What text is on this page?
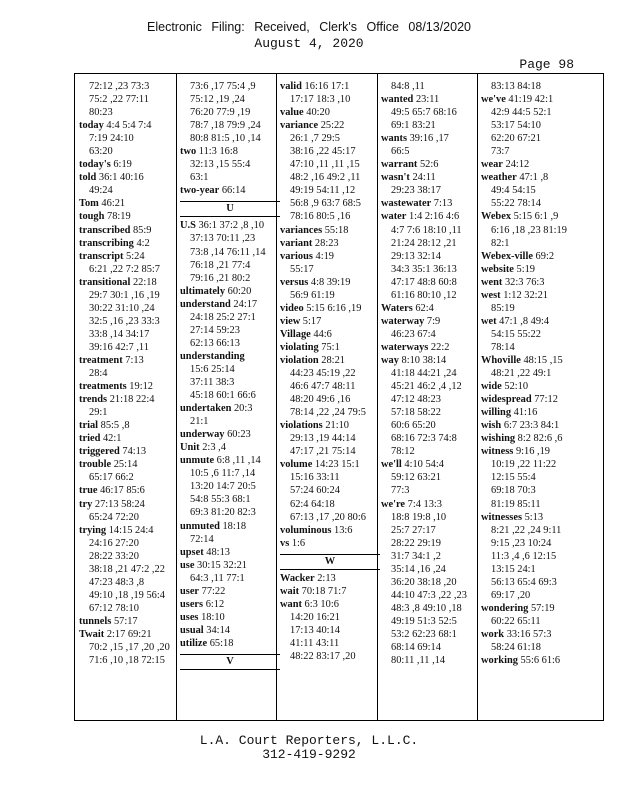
Electronic Filing: Received, Clerk's Office 08/13/2020
August 4, 2020
Page 98
72:12 ,23 73:3
75:2 ,22 77:11
80:23
today 4:4 5:4 7:4
7:19 24:10
63:20
today's 6:19
told 36:1 40:16
49:24
Tom 46:21
tough 78:19
transcribed 85:9
transcribing 4:2
transcript 5:24
6:21 ,22 7:2 85:7
transitional 22:18
29:7 30:1 ,16 ,19
30:22 31:10 ,24
32:5 ,16 ,23 33:3
33:8 ,14 34:17
39:16 42:7 ,11
treatment 7:13
28:4
treatments 19:12
trends 21:18 22:4
29:1
trial 85:5 ,8
tried 42:1
triggered 74:13
trouble 25:14
65:17 66:2
true 46:17 85:6
try 27:13 58:24
65:24 72:20
trying 14:15 24:4
24:16 27:20
28:22 33:20
38:18 ,21 47:2 ,22
47:23 48:3 ,8
49:10 ,18 ,19 56:4
67:12 78:10
tunnels 57:17
Twait 2:17 69:21
70:2 ,15 ,17 ,20 ,20
71:6 ,10 ,18 72:15
73:6 ,17 75:4 ,9
75:12 ,19 ,24
76:20 77:9 ,19
78:7 ,18 79:9 ,24
80:8 81:5 ,10 ,14
two 11:3 16:8
32:13 ,15 55:4
63:1
two-year 66:14
U
U.S 36:1 37:2 ,8 ,10
37:13 70:11 ,23
73:8 ,14 76:11 ,14
76:18 ,21 77:4
79:16 ,21 80:2
ultimately 60:20
understand 24:17
24:18 25:2 27:1
27:14 59:23
62:13 66:13
understanding
15:6 25:14
37:11 38:3
45:18 60:1 66:6
undertaken 20:3
21:1
underway 60:23
Unit 2:3 ,4
unmute 6:8 ,11 ,14
10:5 ,6 11:7 ,14
13:20 14:7 20:5
54:8 55:3 68:1
69:3 81:20 82:3
unmuted 18:18
72:14
upset 48:13
use 30:15 32:21
64:3 ,11 77:1
user 77:22
users 6:12
uses 18:10
usual 34:14
utilize 65:18
V
valid 16:16 17:1
17:17 18:3 ,10
value 40:20
variance 25:22
26:1 ,7 29:5
38:16 ,22 45:17
47:10 ,11 ,11 ,15
48:2 ,16 49:2 ,11
49:19 54:11 ,12
56:8 ,9 63:7 68:5
78:16 80:5 ,16
variances 55:18
variant 28:23
various 4:19
55:17
versus 4:8 39:19
56:9 61:19
video 5:15 6:16 ,19
view 5:17
Village 44:6
violating 75:1
violation 28:21
44:23 45:19 ,22
46:6 47:7 48:11
48:20 49:6 ,16
78:14 ,22 ,24 79:5
violations 21:10
29:13 ,19 44:14
47:17 ,21 75:14
volume 14:23 15:1
15:16 33:11
57:24 60:24
62:4 64:18
67:13 ,17 ,20 80:6
voluminous 13:6
vs 1:6
W
Wacker 2:13
wait 70:18 71:7
want 6:3 10:6
14:20 16:21
17:13 40:14
41:11 43:11
48:22 83:17 ,20
84:8 ,11
wanted 23:11
49:5 65:7 68:16
69:1 83:21
wants 39:16 ,17
66:5
warrant 52:6
wasn't 24:11
29:23 38:17
wastewater 7:13
water 1:4 2:16 4:6
4:7 7:6 18:10 ,11
21:24 28:12 ,21
29:13 32:14
34:3 35:1 36:13
47:17 48:8 60:8
61:16 80:10 ,12
Waters 62:4
waterway 7:9
46:23 67:4
waterways 22:2
way 8:10 38:14
41:18 44:21 ,24
45:21 46:2 ,4 ,12
47:12 48:23
57:18 58:22
60:6 65:20
68:16 72:3 74:8
78:12
we'll 4:10 54:4
59:12 63:21
77:3
we're 7:4 13:3
18:8 19:8 ,10
25:7 27:17
28:22 29:19
31:7 34:1 ,2
35:14 ,16 ,24
36:20 38:18 ,20
44:10 47:3 ,22 ,23
48:3 ,8 49:10 ,18
49:19 51:3 52:5
53:2 62:23 68:1
68:14 69:14
80:11 ,11 ,14
83:13 84:18
we've 41:19 42:1
42:9 44:5 52:1
53:17 54:10
62:20 67:21
73:7
wear 24:12
weather 47:1 ,8
49:4 54:15
55:22 78:14
Webex 5:15 6:1 ,9
6:16 ,18 ,23 81:19
82:1
Webex-ville 69:2
website 5:19
went 32:3 76:3
west 1:12 32:21
85:19
wet 47:1 ,8 49:4
54:15 55:22
78:14
Whoville 48:15 ,15
48:21 ,22 49:1
wide 52:10
widespread 77:12
willing 41:16
wish 6:7 23:3 84:1
wishing 8:2 82:6 ,6
witness 9:16 ,19
10:19 ,22 11:22
12:15 55:4
69:18 70:3
81:19 85:11
witnesses 5:13
8:21 ,22 ,24 9:11
9:15 ,23 10:24
11:3 ,4 ,6 12:15
13:15 24:1
56:13 65:4 69:3
69:17 ,20
wondering 57:19
60:22 65:11
work 33:16 57:3
58:24 61:18
working 55:6 61:6
L.A. Court Reporters, L.L.C.
312-419-9292
